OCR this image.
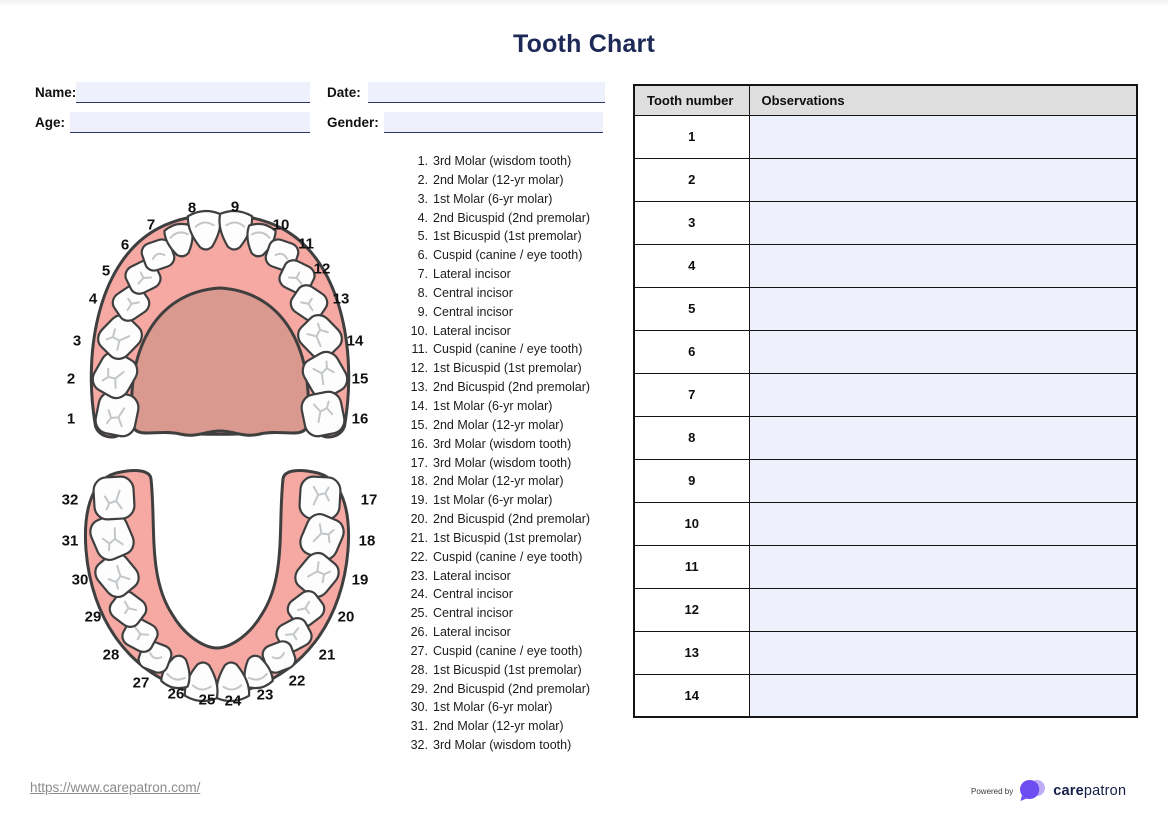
Tooth Chart
Name:	Date:
Age:	Gender:
1
2
3
4
5
6
7
8 9
10
11
12
13
14
15
16
17
18
19
20
21
22
23
24
25
26
27
28
29
30
31
32
1. 3rd Molar (wisdom tooth)
2. 2nd Molar (12-yr molar)
3. 1st Molar (6-yr molar)
4. 2nd Bicuspid (2nd premolar)
5. 1st Bicuspid (1st premolar)
6. Cuspid (canine / eye tooth)
7. Lateral incisor
8. Central incisor
9. Central incisor
10. Lateral incisor
11. Cuspid (canine / eye tooth)
12. 1st Bicuspid (1st premolar)
13. 2nd Bicuspid (2nd premolar)
14. 1st Molar (6-yr molar)
15. 2nd Molar (12-yr molar)
16. 3rd Molar (wisdom tooth)
17. 3rd Molar (wisdom tooth)
18. 2nd Molar (12-yr molar)
19. 1st Molar (6-yr molar)
20. 2nd Bicuspid (2nd premolar)
21. 1st Bicuspid (1st premolar)
22. Cuspid (canine / eye tooth)
23. Lateral incisor
24. Central incisor
25. Central incisor
26. Lateral incisor
27. Cuspid (canine / eye tooth)
28. 1st Bicuspid (1st premolar)
29. 2nd Bicuspid (2nd premolar)
30. 1st Molar (6-yr molar)
31. 2nd Molar (12-yr molar)
32. 3rd Molar (wisdom tooth)
Tooth number	Observations
1	
2	
3	
4	
5	
6	
7	
8	
9	
10	
11	
12	
13	
14	
https://www.carepatron.com/	Powered by	carepatron
